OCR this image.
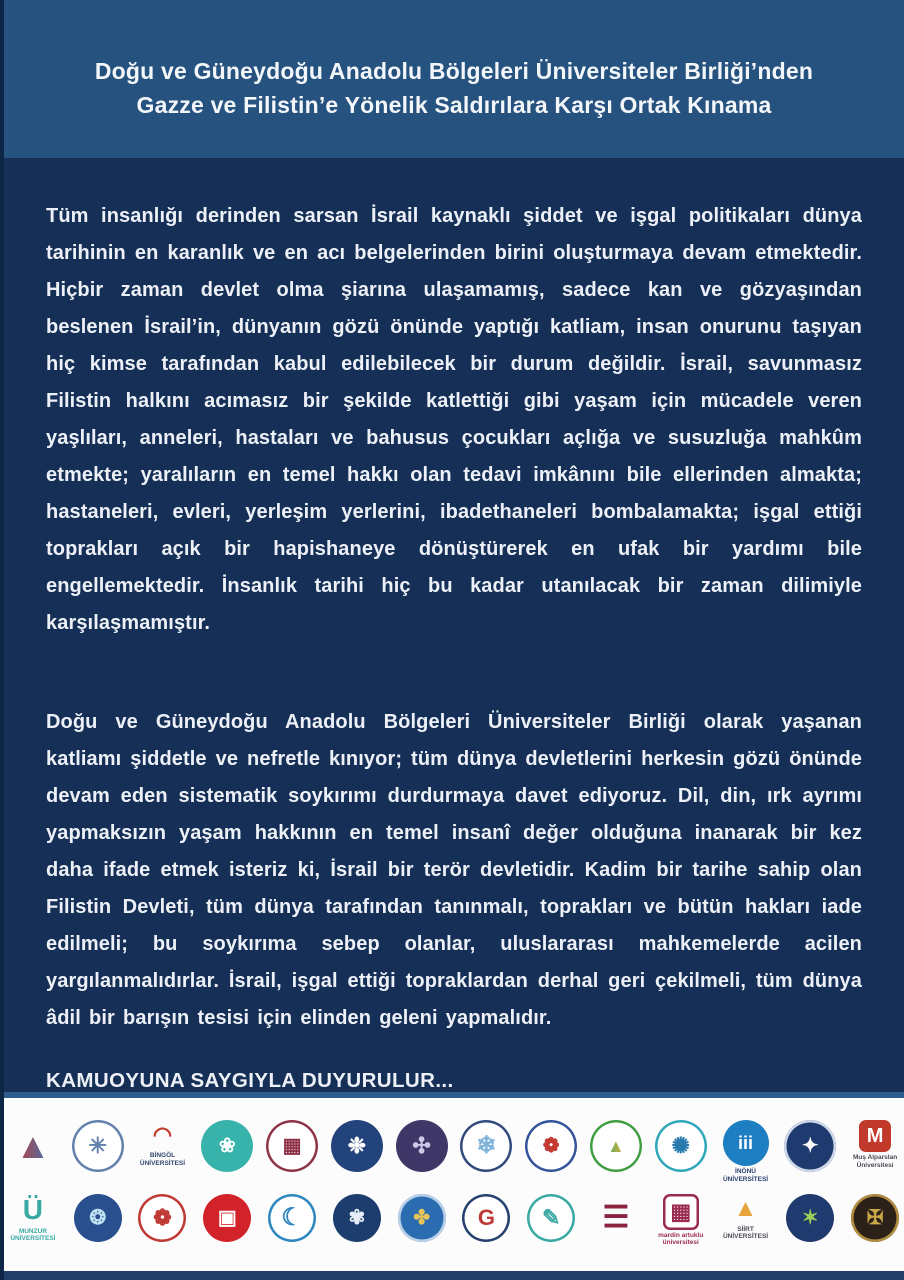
Doğu ve Güneydoğu Anadolu Bölgeleri Üniversiteler Birliği’nden
Gazze ve Filistin’e Yönelik Saldırılara Karşı Ortak Kınama

Tüm insanlığı derinden sarsan İsrail kaynaklı şiddet ve işgal politikaları dünya tarihinin en karanlık ve en acı belgelerinden birini oluşturmaya devam etmektedir. Hiçbir zaman devlet olma şiarına ulaşamamış, sadece kan ve gözyaşından beslenen İsrail’in, dünyanın gözü önünde yaptığı katliam, insan onurunu taşıyan hiç kimse tarafından kabul edilebilecek bir durum değildir. İsrail, savunmasız Filistin halkını acımasız bir şekilde katlettiği gibi yaşam için mücadele veren yaşlıları, anneleri, hastaları ve bahusus çocukları açlığa ve susuzluğa mahkûm etmekte; yaralıların en temel hakkı olan tedavi imkânını bile ellerinden almakta; hastaneleri, evleri, yerleşim yerlerini, ibadethaneleri bombalamakta; işgal ettiği toprakları açık bir hapishaneye dönüştürerek en ufak bir yardımı bile engellemektedir. İnsanlık tarihi hiç bu kadar utanılacak bir zaman dilimiyle karşılaşmamıştır.

Doğu ve Güneydoğu Anadolu Bölgeleri Üniversiteler Birliği olarak yaşanan katliamı şiddetle ve nefretle kınıyor; tüm dünya devletlerini herkesin gözü önünde devam eden sistematik soykırımı durdurmaya davet ediyoruz. Dil, din, ırk ayrımı yapmaksızın yaşam hakkının en temel insanî değer olduğuna inanarak bir kez daha ifade etmek isteriz ki, İsrail bir terör devletidir. Kadim bir tarihe sahip olan Filistin Devleti, tüm dünya tarafından tanınmalı, toprakları ve bütün hakları iade edilmeli; bu soykırıma sebep olanlar, uluslararası mahkemelerde acilen yargılanmalıdırlar. İsrail, işgal ettiği topraklardan derhal geri çekilmeli, tüm dünya âdil bir barışın tesisi için elinden geleni yapmalıdır.

KAMUOYUNA SAYGIYLA DUYURULUR...
▲ ✳ ◠
BİNGÖL ÜNİVERSİTESİ
❀ ▦ ❉ ✣ ❄ ❁	▲ ✺	iii
İNÖNÜ ÜNİVERSİTESİ
✦ M
Muş Alparslan Üniversitesi
Ü
MUNZUR ÜNİVERSİTESİ
❂ ❁ ▣ ☾ ✾ ✤ G ✎ ☰ ▦
mardin artuklu üniversitesi
▲
SİİRT ÜNİVERSİTESİ
✶ ✠
